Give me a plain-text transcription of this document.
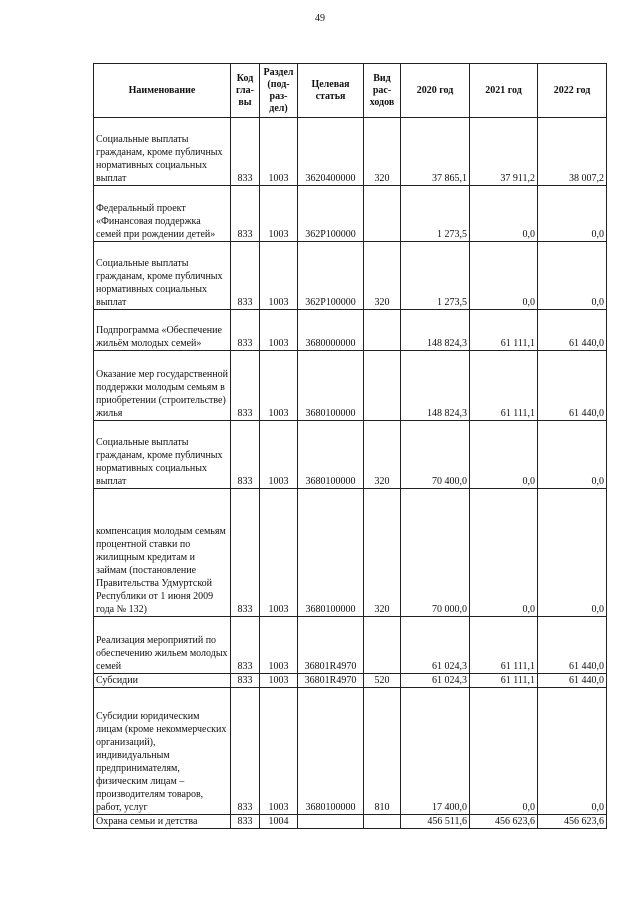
49
Наименование	Код гла- вы	Раздел (под- раз- дел)	Целевая статья	Вид рас- ходов	2020 год	2021 год	2022 год
Социальные выплаты гражданам, кроме публичных нормативных социальных выплат	833	1003	3620400000	320	37 865,1	37 911,2	38 007,2
Федеральный проект «Финансовая поддержка семей при рождении детей»	833	1003	362P100000		1 273,5	0,0	0,0
Социальные выплаты гражданам, кроме публичных нормативных социальных выплат	833	1003	362P100000	320	1 273,5	0,0	0,0
Подпрограмма «Обеспечение жильём молодых семей»	833	1003	3680000000		148 824,3	61 111,1	61 440,0
Оказание мер государственной поддержки молодым семьям в приобретении (строительстве) жилья	833	1003	3680100000		148 824,3	61 111,1	61 440,0
Социальные выплаты гражданам, кроме публичных нормативных социальных выплат	833	1003	3680100000	320	70 400,0	0,0	0,0
компенсация молодым семьям процентной ставки по жилищным кредитам и займам (постановление Правительства Удмуртской Республики от 1 июня 2009 года № 132)	833	1003	3680100000	320	70 000,0	0,0	0,0
Реализация мероприятий по обеспечению жильем молодых семей	833	1003	36801R4970		61 024,3	61 111,1	61 440,0
Субсидии	833	1003	36801R4970	520	61 024,3	61 111,1	61 440,0
Субсидии юридическим лицам (кроме некоммерческих организаций), индивидуальным предпринимателям, физическим лицам – производителям товаров, работ, услуг	833	1003	3680100000	810	17 400,0	0,0	0,0
Охрана семьи и детства	833	1004			456 511,6	456 623,6	456 623,6
